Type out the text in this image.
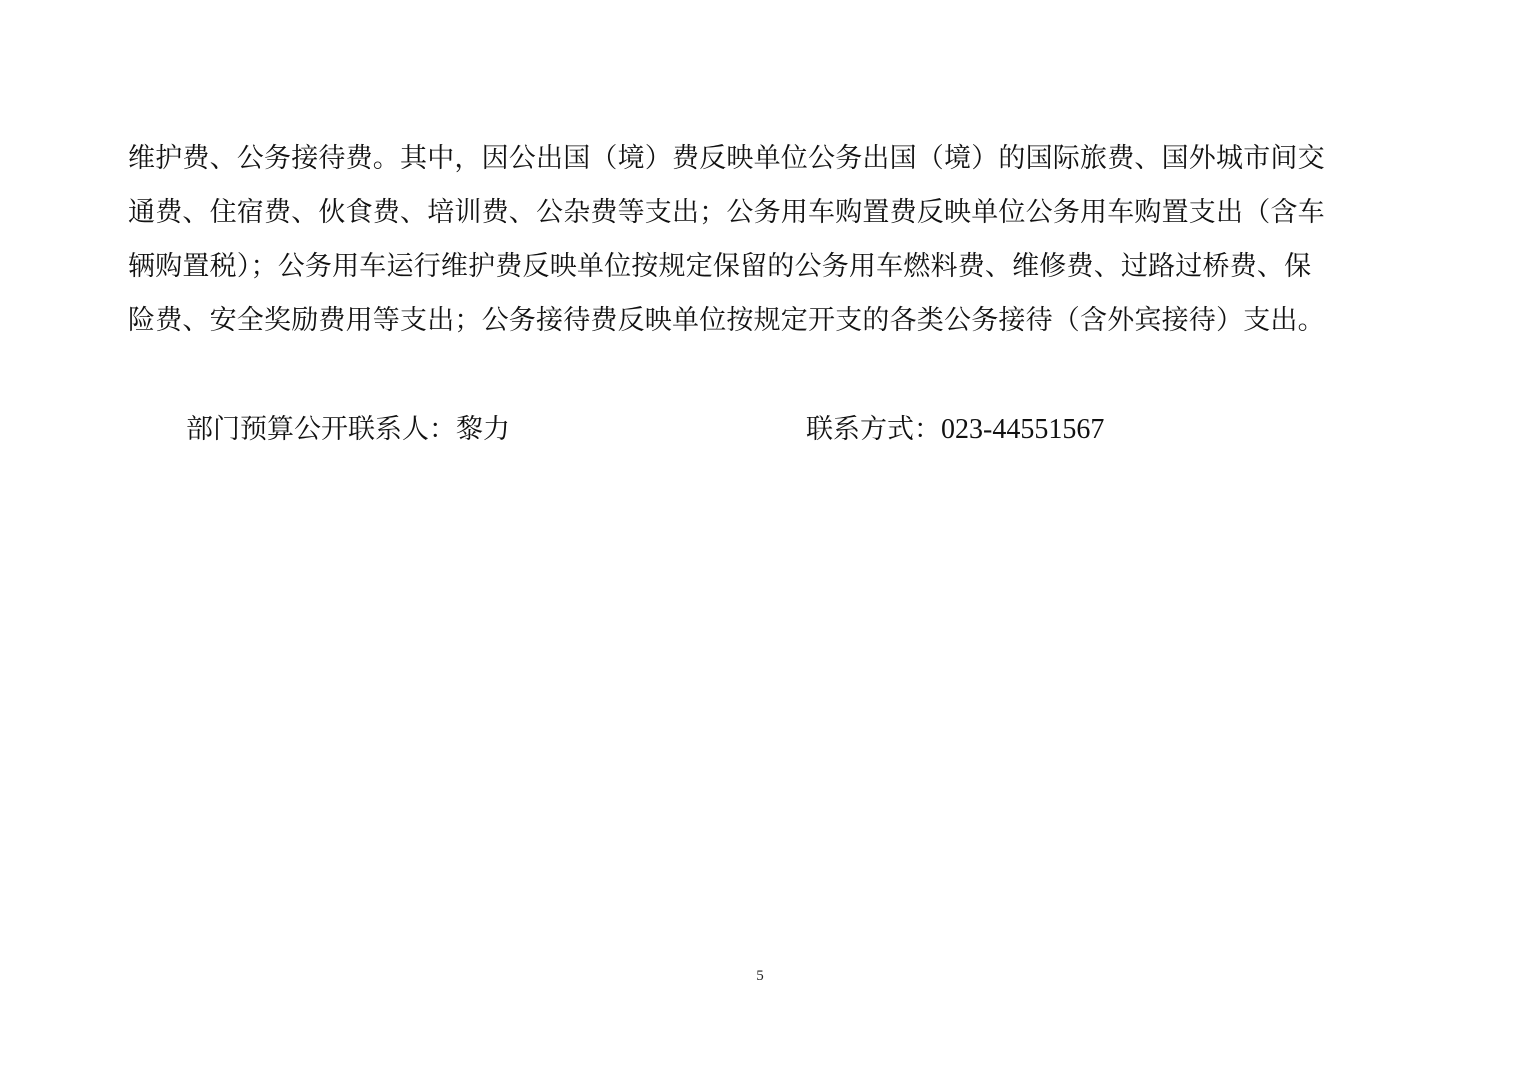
维护费、公务接待费。其中，因公出国（境）费反映单位公务出国（境）的国际旅费、国外城市间交
通费、住宿费、伙食费、培训费、公杂费等支出；公务用车购置费反映单位公务用车购置支出（含车
辆购置税）；公务用车运行维护费反映单位按规定保留的公务用车燃料费、维修费、过路过桥费、保
险费、安全奖励费用等支出；公务接待费反映单位按规定开支的各类公务接待（含外宾接待）支出。
部门预算公开联系人：黎力	联系方式：023-44551567
5
